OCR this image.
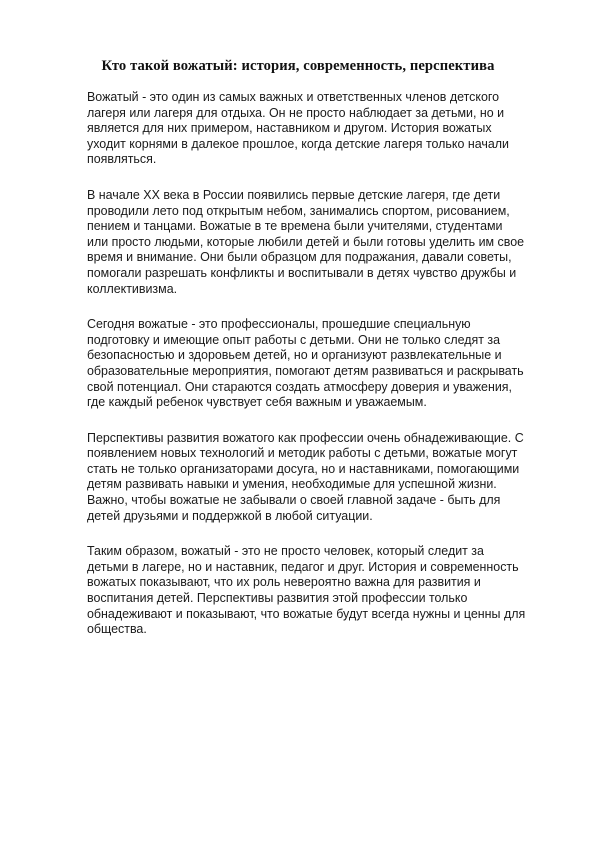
Кто такой вожатый: история, современность, перспектива

Вожатый - это один из самых важных и ответственных членов детского лагеря или лагеря для отдыха. Он не просто наблюдает за детьми, но и является для них примером, наставником и другом. История вожатых уходит корнями в далекое прошлое, когда детские лагеря только начали появляться.

В начале XX века в России появились первые детские лагеря, где дети проводили лето под открытым небом, занимались спортом, рисованием, пением и танцами. Вожатые в те времена были учителями, студентами или просто людьми, которые любили детей и были готовы уделить им свое время и внимание. Они были образцом для подражания, давали советы, помогали разрешать конфликты и воспитывали в детях чувство дружбы и коллективизма.

Сегодня вожатые - это профессионалы, прошедшие специальную подготовку и имеющие опыт работы с детьми. Они не только следят за безопасностью и здоровьем детей, но и организуют развлекательные и образовательные мероприятия, помогают детям развиваться и раскрывать свой потенциал. Они стараются создать атмосферу доверия и уважения, где каждый ребенок чувствует себя важным и уважаемым.

Перспективы развития вожатого как профессии очень обнадеживающие. С появлением новых технологий и методик работы с детьми, вожатые могут стать не только организаторами досуга, но и наставниками, помогающими детям развивать навыки и умения, необходимые для успешной жизни. Важно, чтобы вожатые не забывали о своей главной задаче - быть для детей друзьями и поддержкой в любой ситуации.

Таким образом, вожатый - это не просто человек, который следит за детьми в лагере, но и наставник, педагог и друг. История и современность вожатых показывают, что их роль невероятно важна для развития и воспитания детей. Перспективы развития этой профессии только обнадеживают и показывают, что вожатые будут всегда нужны и ценны для общества.
